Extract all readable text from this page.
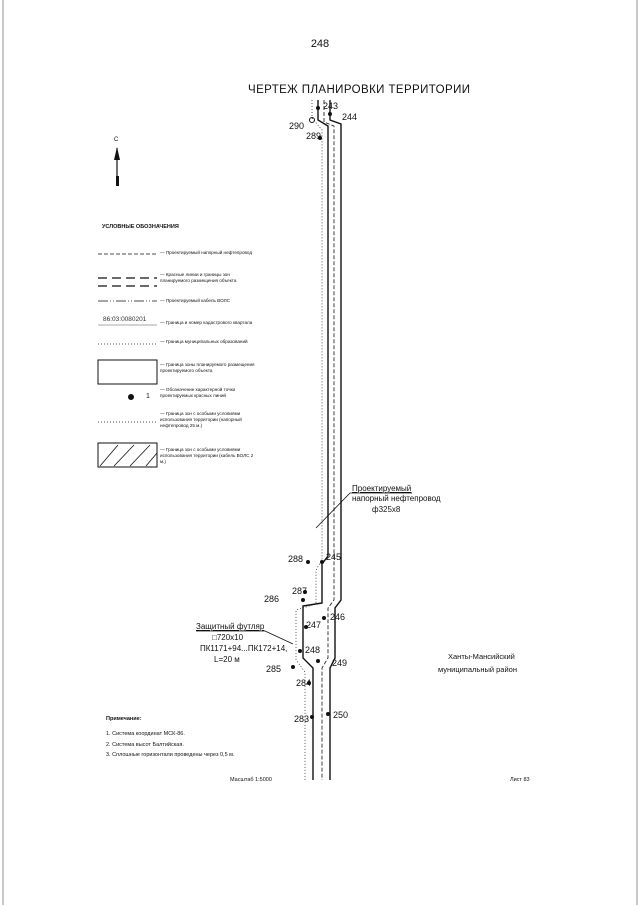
248
ЧЕРТЕЖ ПЛАНИРОВКИ ТЕРРИТОРИИ
УСЛОВНЫЕ ОБОЗНАЧЕНИЯ
— Проектируемый напорный нефтепровод
— Красные линии и границы зон планируемого размещения объекта
— Проектируемый кабель ВОЛС
86:03:0080201	— Граница и номер кадастрового квартала
— Граница муниципальных образований
— Граница зоны планируемого размещения проектируемого объекта
1
— Обозначение характерной точки проектируемых красных линий
— Граница зон с особыми условиями использования территории (напорный нефтепровод 25 м.)
— Граница зон с особыми условиями использования территории (кабель ВОЛС 2 м.)
С
243
244
290
289
245
288
287
286
247
246
248
249
285
284
283	250
Проектируемый
напорный нефтепровод
ф325х8
Защитный футляр
□720х10
ПК1171+94...ПК172+14,
L=20 м	Ханты-Мансийский
муниципальный район
Примечание:
1. Система координат МСК-86.
2. Система высот Балтийская.
3. Сплошные горизонтали проведены через 0,5 м.
Масштаб 1:5000	Лист 83
